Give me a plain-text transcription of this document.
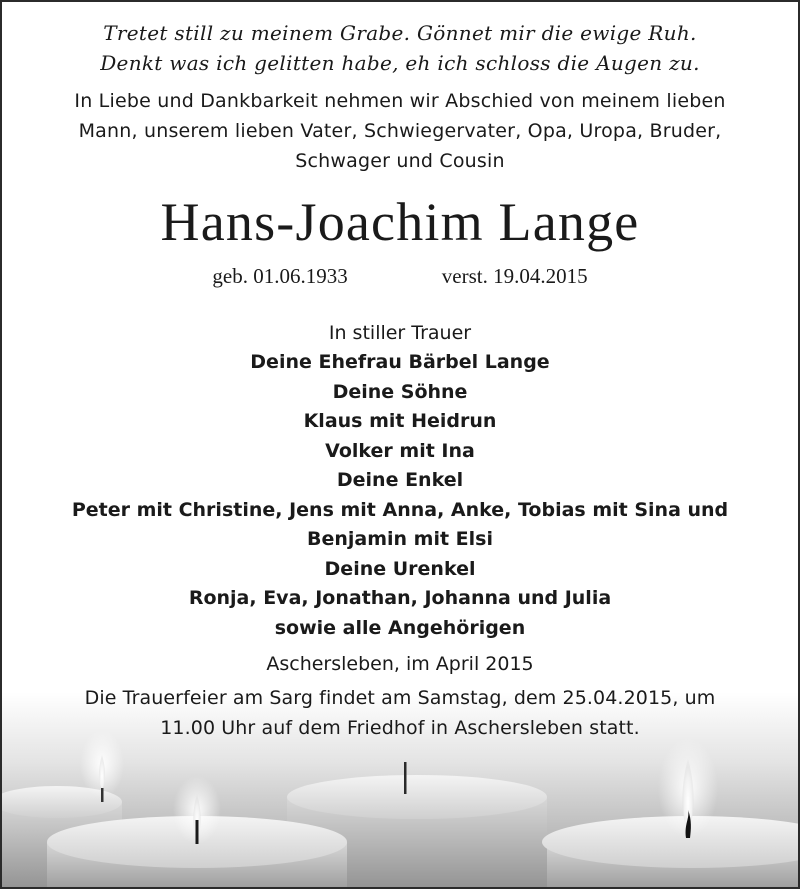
Tretet still zu meinem Grabe. Gönnet mir die ewige Ruh.
Denkt was ich gelitten habe, eh ich schloss die Augen zu.
In Liebe und Dankbarkeit nehmen wir Abschied von meinem lieben
Mann, unserem lieben Vater, Schwiegervater, Opa, Uropa, Bruder,
Schwager und Cousin
Hans-Joachim Lange
geb. 01.06.1933	verst. 19.04.2015
In stiller Trauer
Deine Ehefrau Bärbel Lange
Deine Söhne
Klaus mit Heidrun
Volker mit Ina
Deine Enkel
Peter mit Christine, Jens mit Anna, Anke, Tobias mit Sina und
Benjamin mit Elsi
Deine Urenkel
Ronja, Eva, Jonathan, Johanna und Julia
sowie alle Angehörigen
Aschersleben, im April 2015
Die Trauerfeier am Sarg findet am Samstag, dem 25.04.2015, um
11.00 Uhr auf dem Friedhof in Aschersleben statt.
